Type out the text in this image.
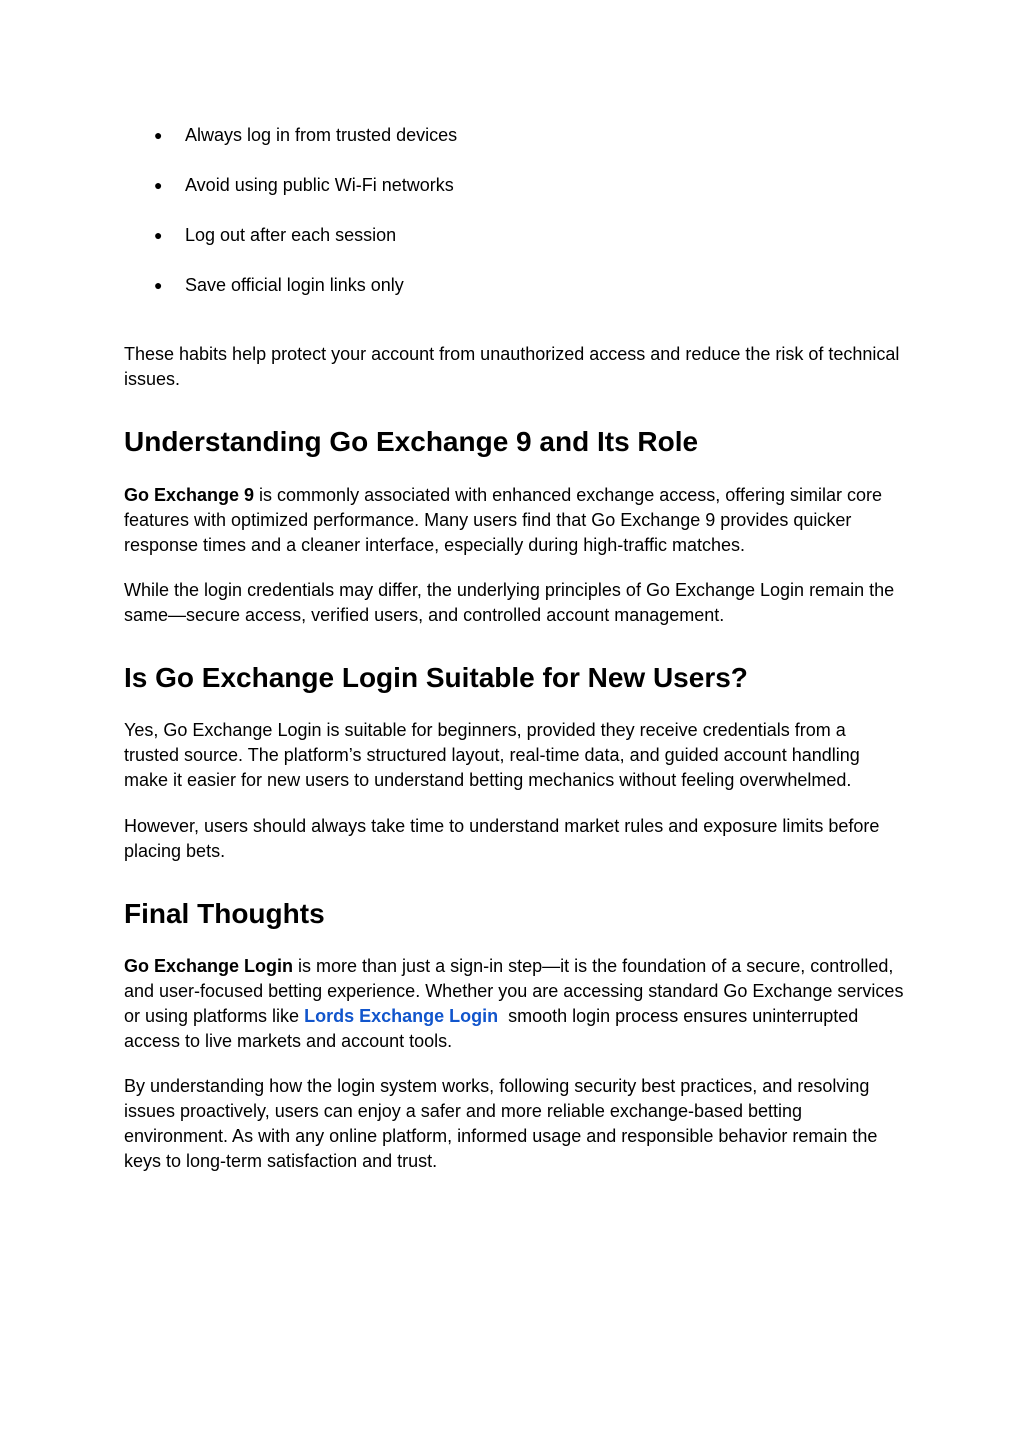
● Always log in from trusted devices
● Avoid using public Wi-Fi networks
● Log out after each session
● Save official login links only

These habits help protect your account from unauthorized access and reduce the risk of technical issues.

Understanding Go Exchange 9 and Its Role

Go Exchange 9 is commonly associated with enhanced exchange access, offering similar core features with optimized performance. Many users find that Go Exchange 9 provides quicker response times and a cleaner interface, especially during high-traffic matches.

While the login credentials may differ, the underlying principles of Go Exchange Login remain the same—secure access, verified users, and controlled account management.

Is Go Exchange Login Suitable for New Users?

Yes, Go Exchange Login is suitable for beginners, provided they receive credentials from a trusted source. The platform’s structured layout, real-time data, and guided account handling make it easier for new users to understand betting mechanics without feeling overwhelmed.

However, users should always take time to understand market rules and exposure limits before placing bets.

Final Thoughts

Go Exchange Login is more than just a sign-in step—it is the foundation of a secure, controlled, and user-focused betting experience. Whether you are accessing standard Go Exchange services or using platforms like Lords Exchange Login  smooth login process ensures uninterrupted access to live markets and account tools.

By understanding how the login system works, following security best practices, and resolving issues proactively, users can enjoy a safer and more reliable exchange-based betting environment. As with any online platform, informed usage and responsible behavior remain the keys to long-term satisfaction and trust.
